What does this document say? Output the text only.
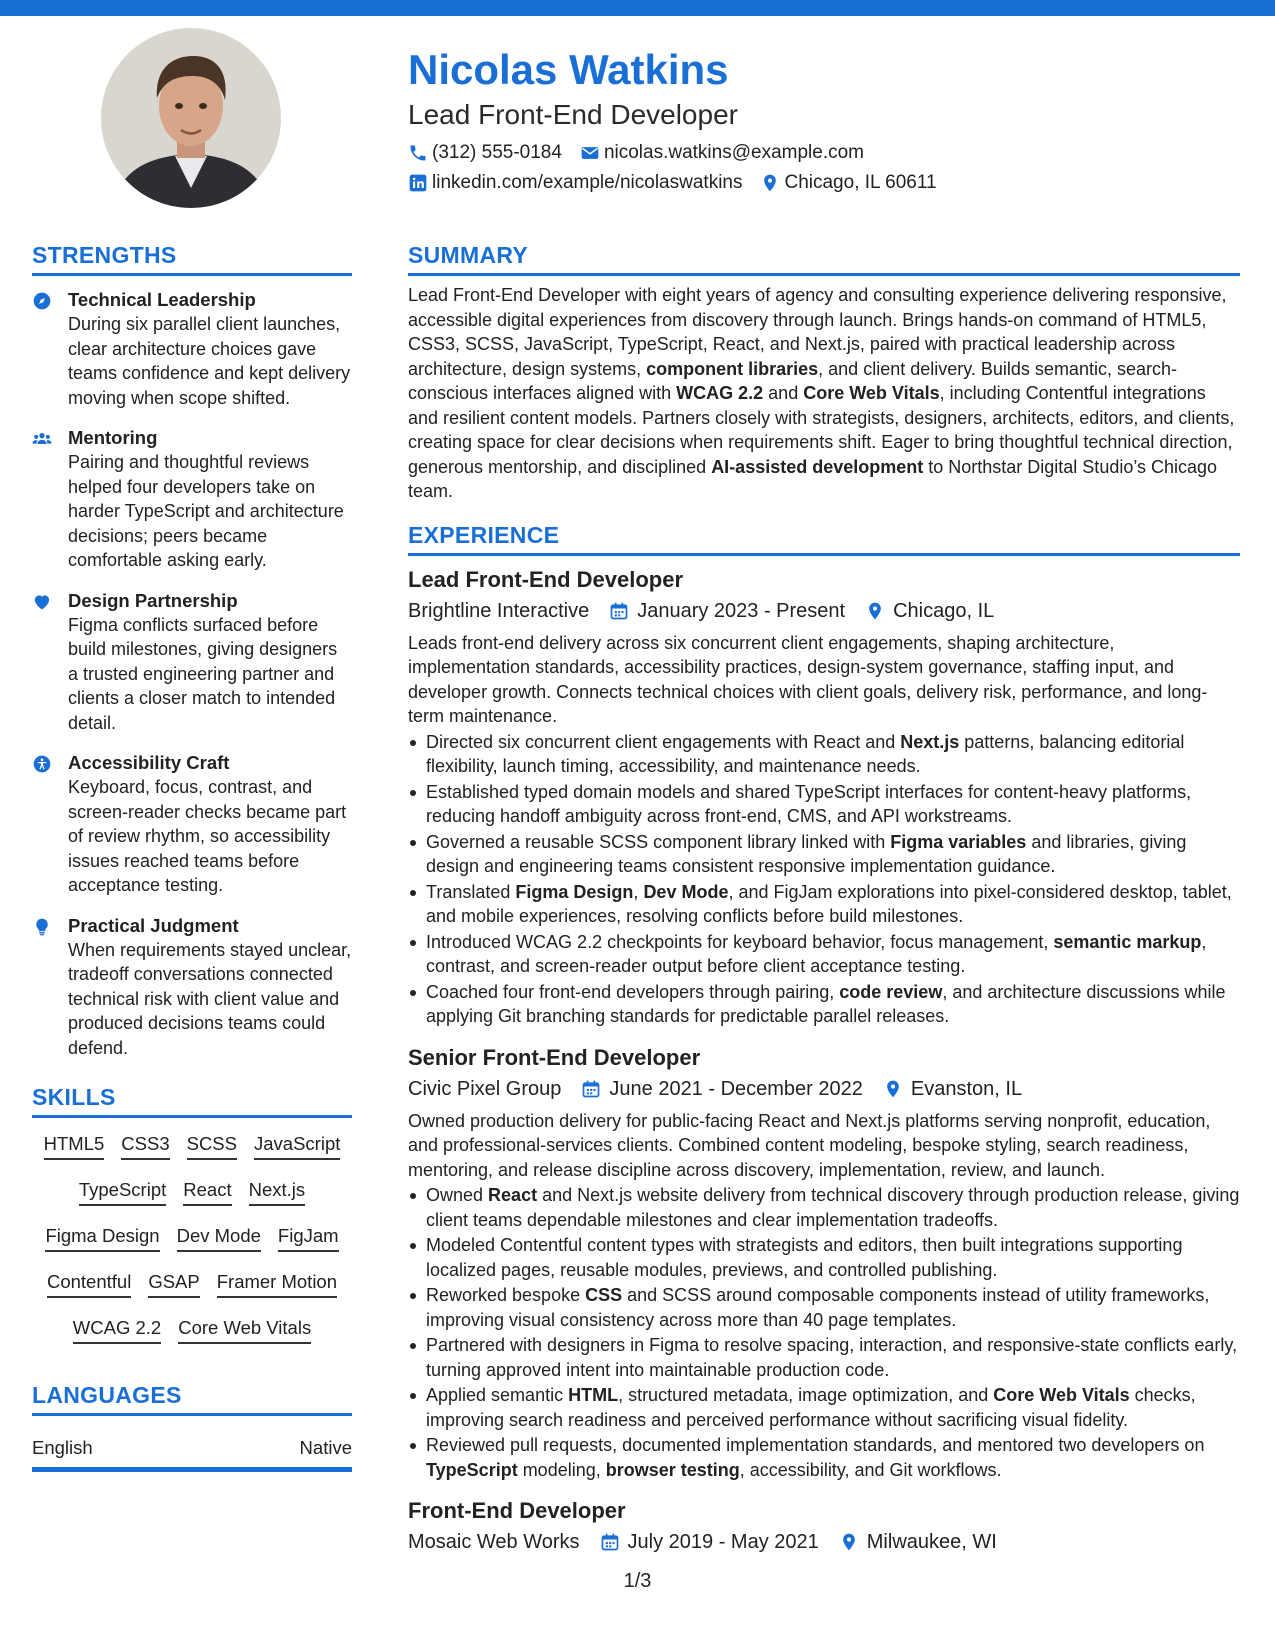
Nicolas Watkins
Lead Front-End Developer
(312) 555-0184 nicolas.watkins@example.com
linkedin.com/example/nicolaswatkins Chicago, IL 60611
STRENGTHS
Technical Leadership
During six parallel client launches, clear architecture choices gave teams confidence and kept delivery moving when scope shifted.
Mentoring
Pairing and thoughtful reviews helped four developers take on harder TypeScript and architecture decisions; peers became comfortable asking early.
Design Partnership
Figma conflicts surfaced before build milestones, giving designers a trusted engineering partner and clients a closer match to intended detail.
Accessibility Craft
Keyboard, focus, contrast, and screen-reader checks became part of review rhythm, so accessibility issues reached teams before acceptance testing.
Practical Judgment
When requirements stayed unclear, tradeoff conversations connected technical risk with client value and produced decisions teams could defend.
SKILLS
HTML5 CSS3 SCSS JavaScript
TypeScript React Next.js
Figma Design Dev Mode FigJam
Contentful GSAP Framer Motion
WCAG 2.2 Core Web Vitals
LANGUAGES
English	Native
SUMMARY
Lead Front-End Developer with eight years of agency and consulting experience delivering responsive, accessible digital experiences from discovery through launch. Brings hands-on command of HTML5, CSS3, SCSS, JavaScript, TypeScript, React, and Next.js, paired with practical leadership across architecture, design systems, component libraries, and client delivery. Builds semantic, search-conscious interfaces aligned with WCAG 2.2 and Core Web Vitals, including Contentful integrations and resilient content models. Partners closely with strategists, designers, architects, editors, and clients, creating space for clear decisions when requirements shift. Eager to bring thoughtful technical direction, generous mentorship, and disciplined AI-assisted development to Northstar Digital Studio’s Chicago team.
EXPERIENCE
Lead Front-End Developer
Brightline Interactive January 2023 - Present Chicago, IL
Leads front-end delivery across six concurrent client engagements, shaping architecture, implementation standards, accessibility practices, design-system governance, staffing input, and developer growth. Connects technical choices with client goals, delivery risk, performance, and long-term maintenance.
Directed six concurrent client engagements with React and Next.js patterns, balancing editorial flexibility, launch timing, accessibility, and maintenance needs.
Established typed domain models and shared TypeScript interfaces for content-heavy platforms, reducing handoff ambiguity across front-end, CMS, and API workstreams.
Governed a reusable SCSS component library linked with Figma variables and libraries, giving design and engineering teams consistent responsive implementation guidance.
Translated Figma Design, Dev Mode, and FigJam explorations into pixel-considered desktop, tablet, and mobile experiences, resolving conflicts before build milestones.
Introduced WCAG 2.2 checkpoints for keyboard behavior, focus management, semantic markup, contrast, and screen-reader output before client acceptance testing.
Coached four front-end developers through pairing, code review, and architecture discussions while applying Git branching standards for predictable parallel releases.
Senior Front-End Developer
Civic Pixel Group June 2021 - December 2022 Evanston, IL
Owned production delivery for public-facing React and Next.js platforms serving nonprofit, education, and professional-services clients. Combined content modeling, bespoke styling, search readiness, mentoring, and release discipline across discovery, implementation, review, and launch.
Owned React and Next.js website delivery from technical discovery through production release, giving client teams dependable milestones and clear implementation tradeoffs.
Modeled Contentful content types with strategists and editors, then built integrations supporting localized pages, reusable modules, previews, and controlled publishing.
Reworked bespoke CSS and SCSS around composable components instead of utility frameworks, improving visual consistency across more than 40 page templates.
Partnered with designers in Figma to resolve spacing, interaction, and responsive-state conflicts early, turning approved intent into maintainable production code.
Applied semantic HTML, structured metadata, image optimization, and Core Web Vitals checks, improving search readiness and perceived performance without sacrificing visual fidelity.
Reviewed pull requests, documented implementation standards, and mentored two developers on TypeScript modeling, browser testing, accessibility, and Git workflows.
Front-End Developer
Mosaic Web Works July 2019 - May 2021 Milwaukee, WI
1/3
